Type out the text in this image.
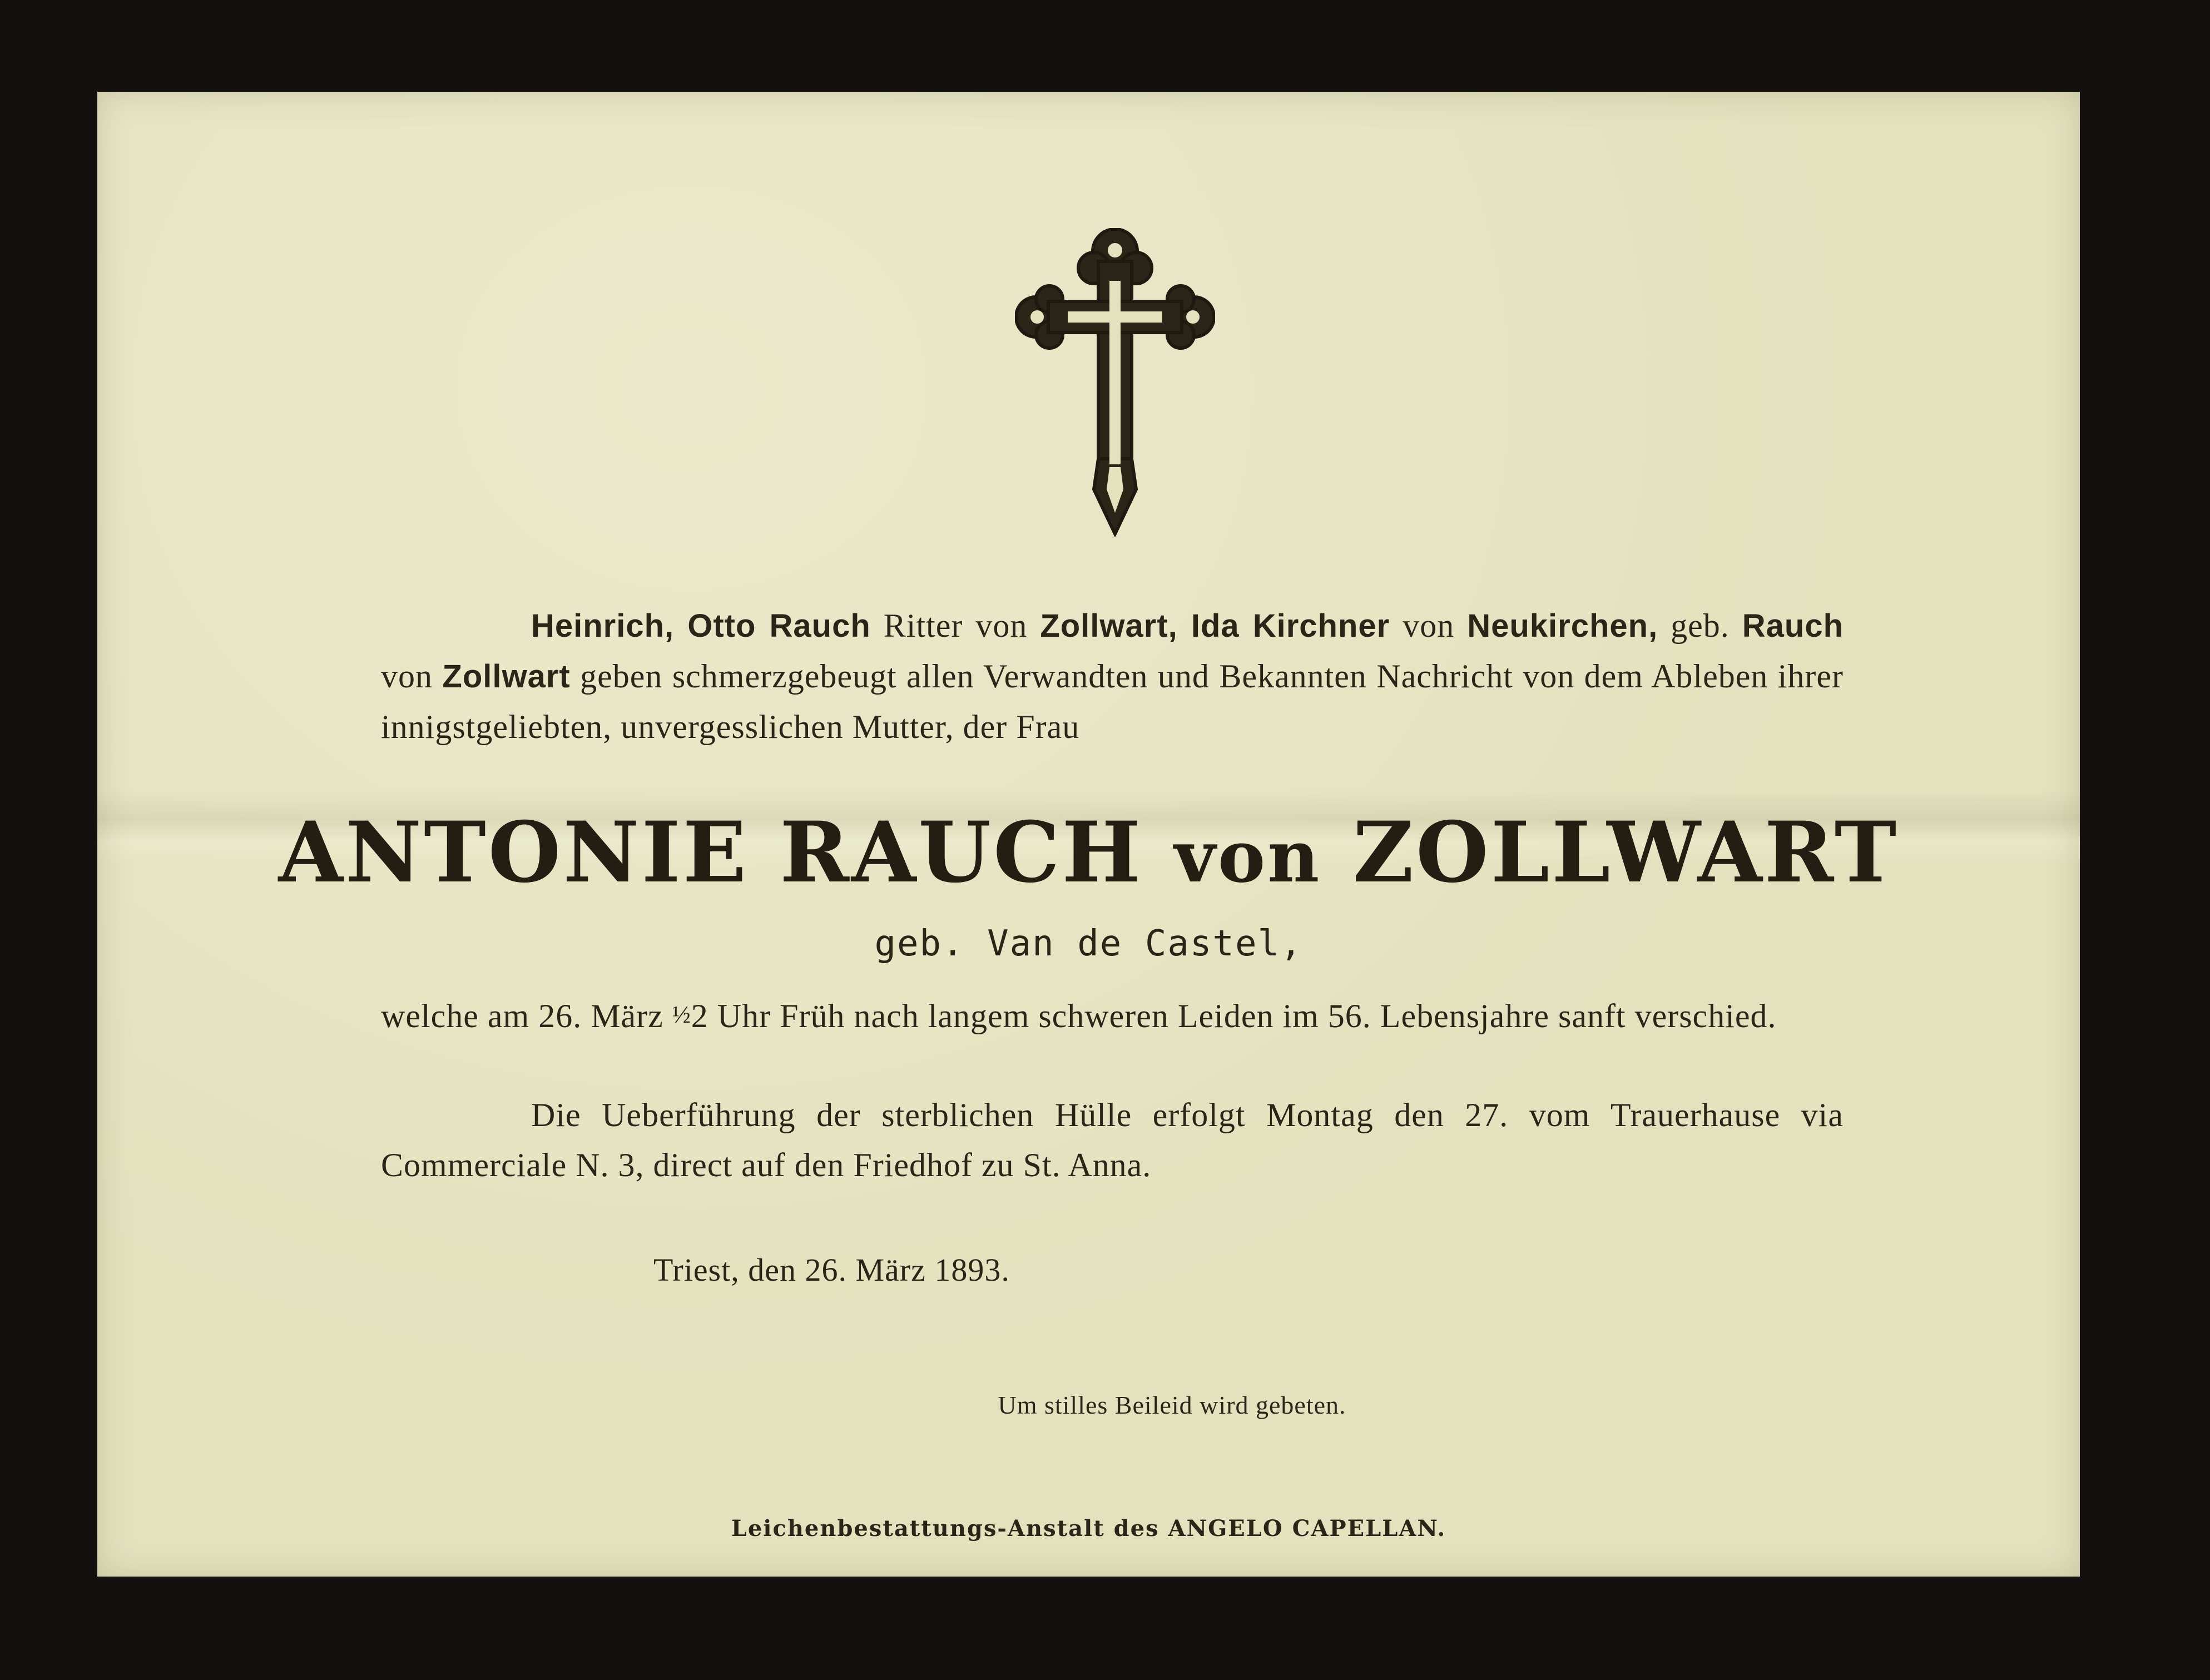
Heinrich, Otto Rauch Ritter von Zollwart, Ida Kirchner von Neukirchen, geb. Rauch von Zollwart geben schmerzgebeugt allen Verwandten und Bekannten Nachricht von dem Ableben ihrer innigstgeliebten, unvergesslichen Mutter, der Frau
ANTONIE RAUCH von ZOLLWART
geb. Van de Castel,
welche am 26. März ½2 Uhr Früh nach langem schweren Leiden im 56. Lebensjahre sanft verschied.
Die Ueberführung der sterblichen Hülle erfolgt Montag den 27. vom Trauerhause via Commerciale N. 3, direct auf den Friedhof zu St. Anna.
Triest, den 26. März 1893.
Um stilles Beileid wird gebeten.
Leichenbestattungs-Anstalt des ANGELO CAPELLAN.
